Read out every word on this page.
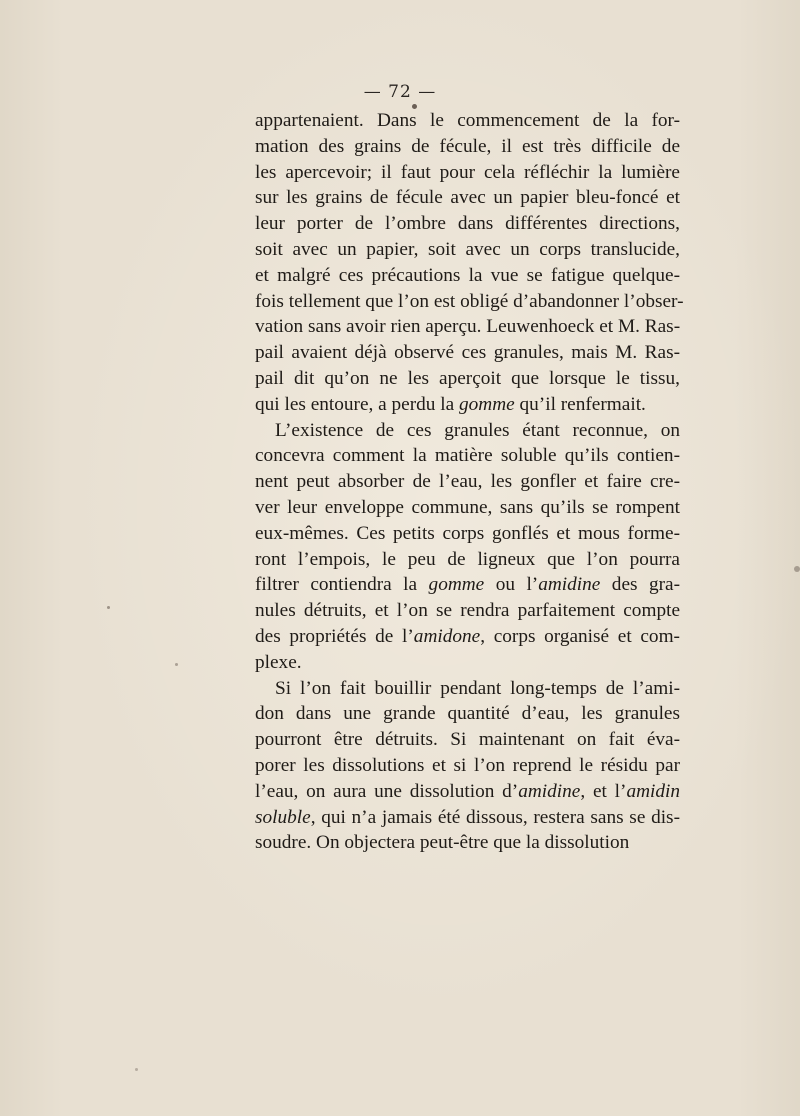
— 72 —
appartenaient. Dans le commencement de la for-
mation des grains de fécule, il est très difficile de
les apercevoir; il faut pour cela réfléchir la lumière
sur les grains de fécule avec un papier bleu-foncé et
leur porter de l’ombre dans différentes directions,
soit avec un papier, soit avec un corps translucide,
et malgré ces précautions la vue se fatigue quelque-
fois tellement que l’on est obligé d’abandonner l’obser-
vation sans avoir rien aperçu. Leuwenhoeck et M. Ras-
pail avaient déjà observé ces granules, mais M. Ras-
pail dit qu’on ne les aperçoit que lorsque le tissu,
qui les entoure, a perdu la gomme qu’il renfermait.
L’existence de ces granules étant reconnue, on
concevra comment la matière soluble qu’ils contien-
nent peut absorber de l’eau, les gonfler et faire cre-
ver leur enveloppe commune, sans qu’ils se rompent
eux-mêmes. Ces petits corps gonflés et mous forme-
ront l’empois, le peu de ligneux que l’on pourra
filtrer contiendra la gomme ou l’amidine des gra-
nules détruits, et l’on se rendra parfaitement compte
des propriétés de l’amidone, corps organisé et com-
plexe.
Si l’on fait bouillir pendant long-temps de l’ami-
don dans une grande quantité d’eau, les granules
pourront être détruits. Si maintenant on fait éva-
porer les dissolutions et si l’on reprend le résidu par
l’eau, on aura une dissolution d’amidine, et l’amidin
soluble, qui n’a jamais été dissous, restera sans se dis-
soudre. On objectera peut-être que la dissolution
